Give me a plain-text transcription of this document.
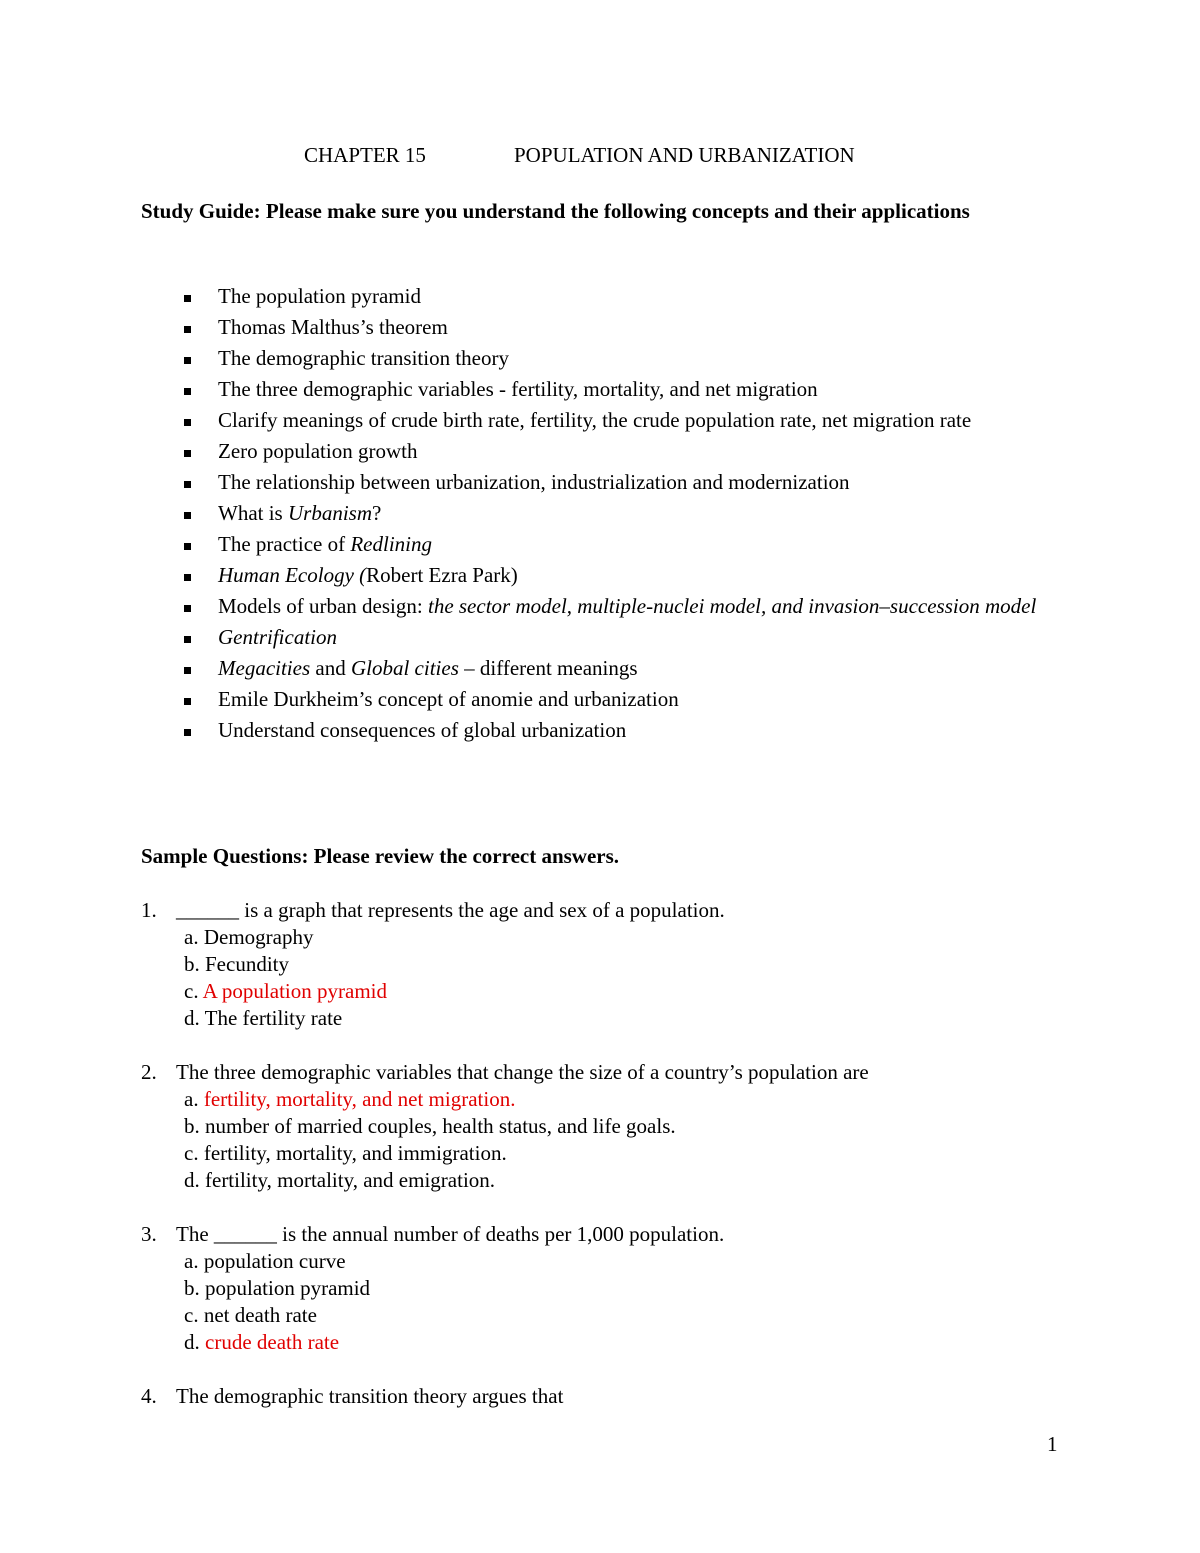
CHAPTER 15	POPULATION AND URBANIZATION
Study Guide: Please make sure you understand the following concepts and their applications
The population pyramid
Thomas Malthus’s theorem
The demographic transition theory
The three demographic variables - fertility, mortality, and net migration
Clarify meanings of crude birth rate, fertility, the crude population rate, net migration rate
Zero population growth
The relationship between urbanization, industrialization and modernization
What is Urbanism?
The practice of Redlining
Human Ecology (Robert Ezra Park)
Models of urban design: the sector model, multiple-nuclei model, and invasion–succession model
Gentrification
Megacities and Global cities – different meanings
Emile Durkheim’s concept of anomie and urbanization
Understand consequences of global urbanization
Sample Questions: Please review the correct answers.
1. ______ is a graph that represents the age and sex of a population.
a. Demography
b. Fecundity
c. A population pyramid
d. The fertility rate
2. The three demographic variables that change the size of a country’s population are
a. fertility, mortality, and net migration.
b. number of married couples, health status, and life goals.
c. fertility, mortality, and immigration.
d. fertility, mortality, and emigration.
3. The ______ is the annual number of deaths per 1,000 population.
a. population curve
b. population pyramid
c. net death rate
d. crude death rate
4. The demographic transition theory argues that
1
